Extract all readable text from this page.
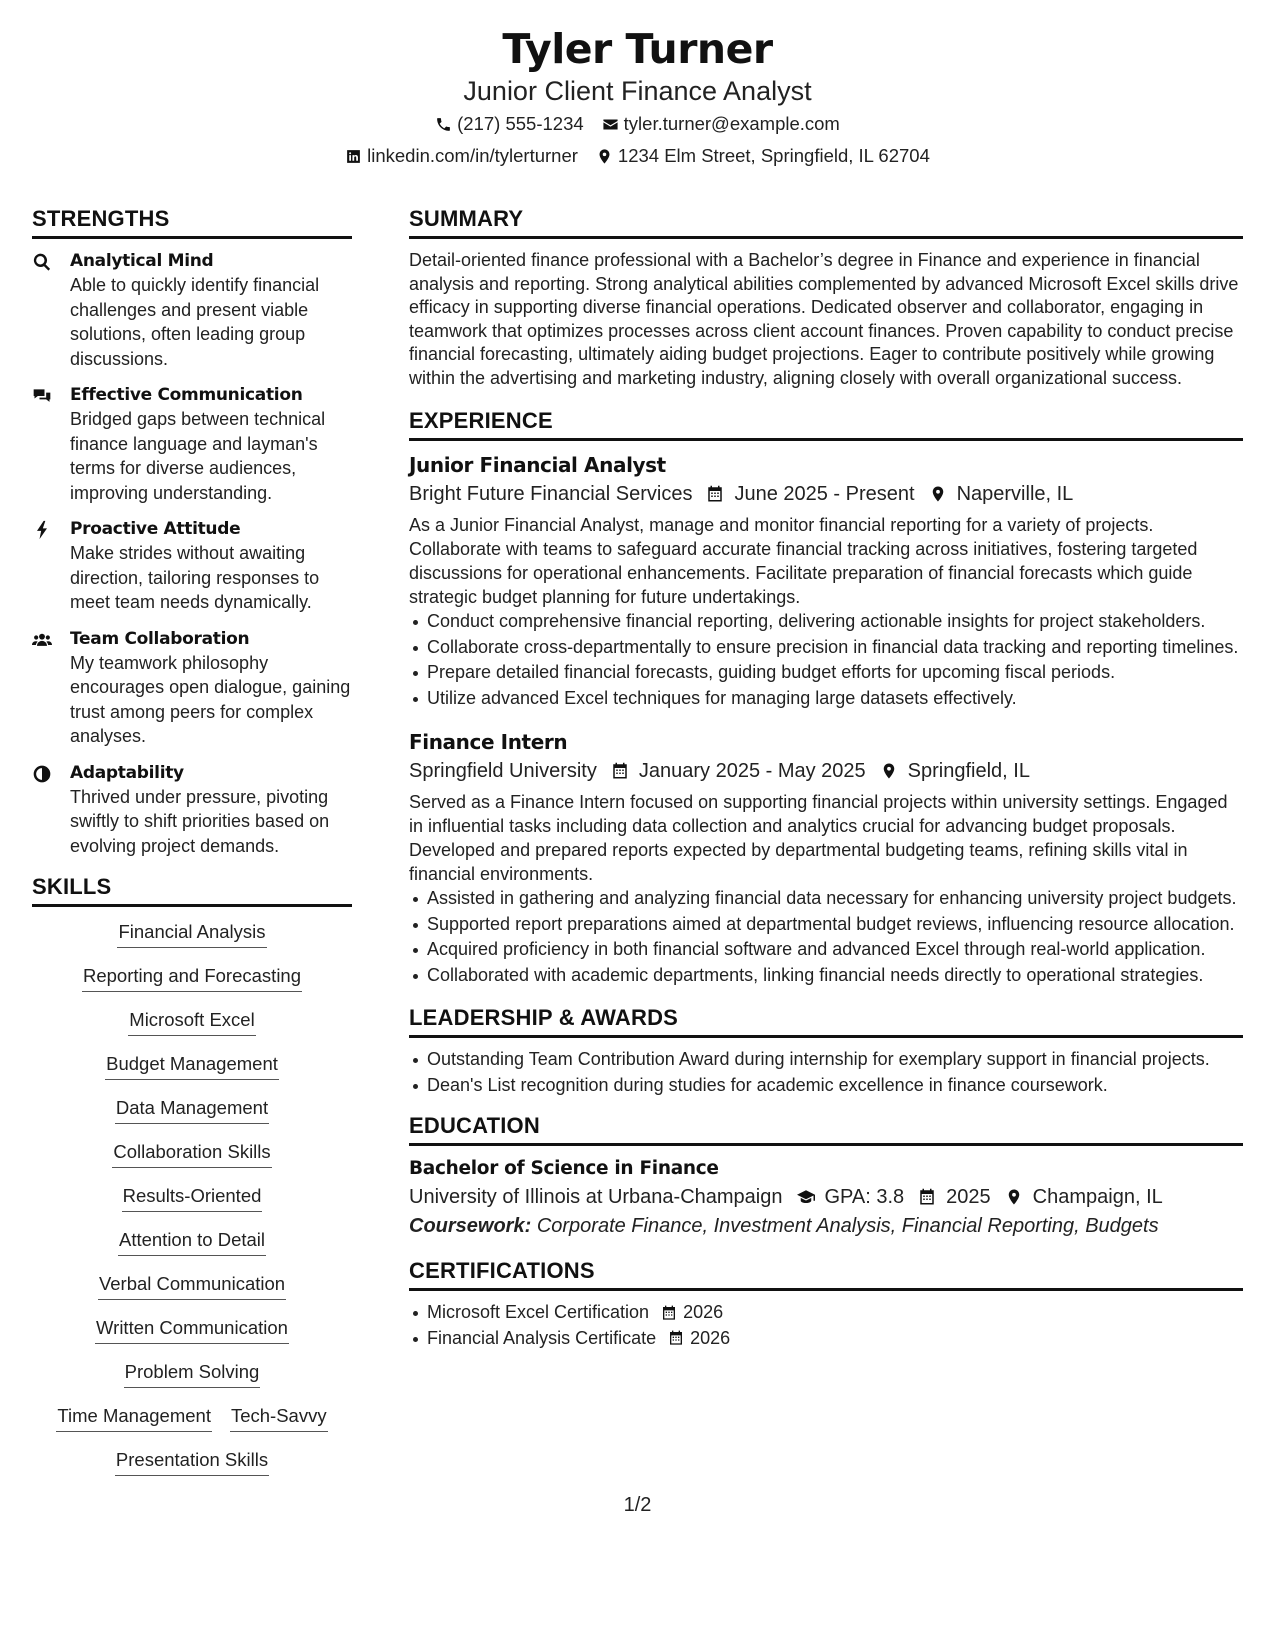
Tyler Turner
Junior Client Finance Analyst
(217) 555-1234 tyler.turner@example.com
linkedin.com/in/tylerturner 1234 Elm Street, Springfield, IL 62704
STRENGTHS
Analytical Mind
Able to quickly identify financial challenges and present viable solutions, often leading group discussions.
Effective Communication
Bridged gaps between technical finance language and layman's terms for diverse audiences, improving understanding.
Proactive Attitude
Make strides without awaiting direction, tailoring responses to meet team needs dynamically.
Team Collaboration
My teamwork philosophy encourages open dialogue, gaining trust among peers for complex analyses.
Adaptability
Thrived under pressure, pivoting swiftly to shift priorities based on evolving project demands.
SKILLS
Financial Analysis
Reporting and Forecasting
Microsoft Excel
Budget Management
Data Management
Collaboration Skills
Results-Oriented
Attention to Detail
Verbal Communication
Written Communication
Problem Solving
Time Management Tech-Savvy
Presentation Skills
SUMMARY
Detail-oriented finance professional with a Bachelor’s degree in Finance and experience in financial analysis and reporting. Strong analytical abilities complemented by advanced Microsoft Excel skills drive efficacy in supporting diverse financial operations. Dedicated observer and collaborator, engaging in teamwork that optimizes processes across client account finances. Proven capability to conduct precise financial forecasting, ultimately aiding budget projections. Eager to contribute positively while growing within the advertising and marketing industry, aligning closely with overall organizational success.
EXPERIENCE
Junior Financial Analyst
Bright Future Financial Services June 2025 - Present Naperville, IL
As a Junior Financial Analyst, manage and monitor financial reporting for a variety of projects. Collaborate with teams to safeguard accurate financial tracking across initiatives, fostering targeted discussions for operational enhancements. Facilitate preparation of financial forecasts which guide strategic budget planning for future undertakings.
Conduct comprehensive financial reporting, delivering actionable insights for project stakeholders.
Collaborate cross-departmentally to ensure precision in financial data tracking and reporting timelines.
Prepare detailed financial forecasts, guiding budget efforts for upcoming fiscal periods.
Utilize advanced Excel techniques for managing large datasets effectively.
Finance Intern
Springfield University January 2025 - May 2025 Springfield, IL
Served as a Finance Intern focused on supporting financial projects within university settings. Engaged in influential tasks including data collection and analytics crucial for advancing budget proposals. Developed and prepared reports expected by departmental budgeting teams, refining skills vital in financial environments.
Assisted in gathering and analyzing financial data necessary for enhancing university project budgets.
Supported report preparations aimed at departmental budget reviews, influencing resource allocation.
Acquired proficiency in both financial software and advanced Excel through real-world application.
Collaborated with academic departments, linking financial needs directly to operational strategies.
LEADERSHIP & AWARDS
Outstanding Team Contribution Award during internship for exemplary support in financial projects.
Dean's List recognition during studies for academic excellence in finance coursework.
EDUCATION
Bachelor of Science in Finance
University of Illinois at Urbana-Champaign GPA: 3.8 2025 Champaign, IL
Coursework: Corporate Finance, Investment Analysis, Financial Reporting, Budgets
CERTIFICATIONS
Microsoft Excel Certification 2026
Financial Analysis Certificate 2026
1/2
